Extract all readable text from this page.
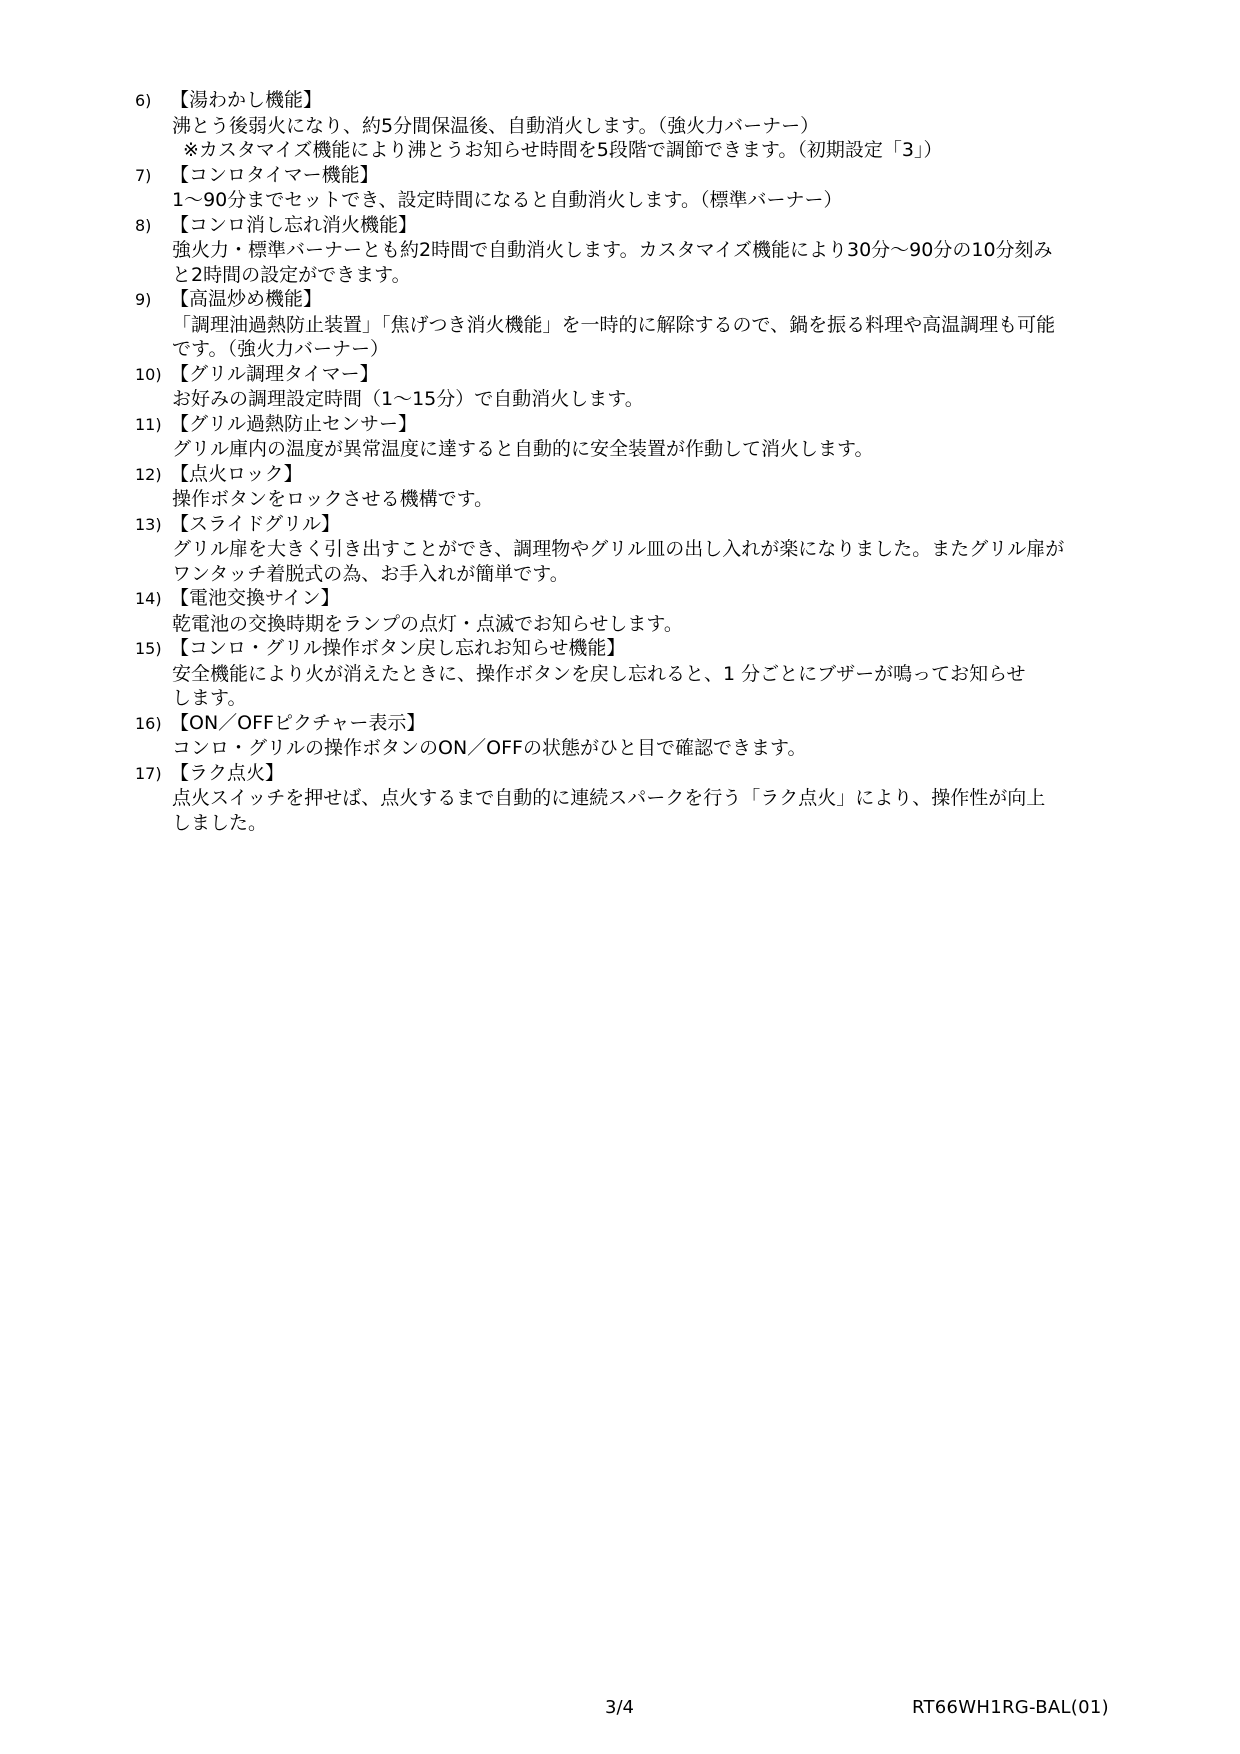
6) 【湯わかし機能】
沸とう後弱火になり、約5分間保温後、自動消火します。（強火力バーナー）
※カスタマイズ機能により沸とうお知らせ時間を5段階で調節できます。（初期設定「3」）
7) 【コンロタイマー機能】
1～90分までセットでき、設定時間になると自動消火します。（標準バーナー）
8) 【コンロ消し忘れ消火機能】
強火力・標準バーナーとも約2時間で自動消火します。カスタマイズ機能により30分～90分の10分刻み
と2時間の設定ができます。
9) 【高温炒め機能】
「調理油過熱防止装置」「焦げつき消火機能」を一時的に解除するので、鍋を振る料理や高温調理も可能
です。（強火力バーナー）
10) 【グリル調理タイマー】
お好みの調理設定時間（1～15分）で自動消火します。
11) 【グリル過熱防止センサー】
グリル庫内の温度が異常温度に達すると自動的に安全装置が作動して消火します。
12) 【点火ロック】
操作ボタンをロックさせる機構です。
13) 【スライドグリル】
グリル扉を大きく引き出すことができ、調理物やグリル皿の出し入れが楽になりました。またグリル扉が
ワンタッチ着脱式の為、お手入れが簡単です。
14) 【電池交換サイン】
乾電池の交換時期をランプの点灯・点滅でお知らせします。
15) 【コンロ・グリル操作ボタン戻し忘れお知らせ機能】
安全機能により火が消えたときに、操作ボタンを戻し忘れると、1 分ごとにブザーが鳴ってお知らせ
します。
16) 【ON／OFFピクチャー表示】
コンロ・グリルの操作ボタンのON／OFFの状態がひと目で確認できます。
17) 【ラク点火】
点火スイッチを押せば、点火するまで自動的に連続スパークを行う「ラク点火」により、操作性が向上
しました。
3/4	RT66WH1RG-BAL(01)
